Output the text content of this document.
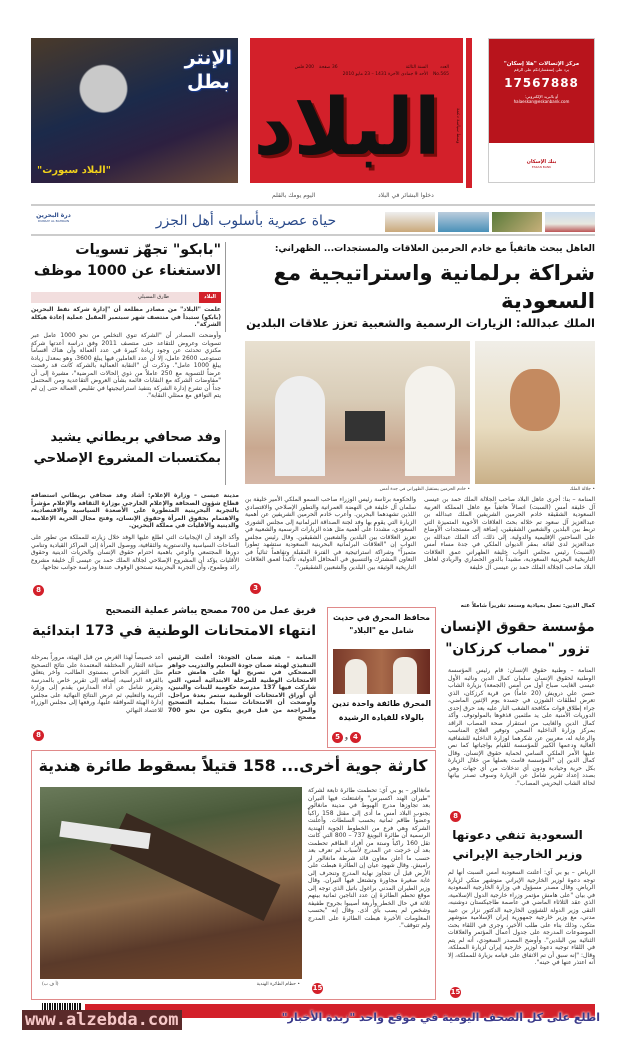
الإنتر
بطل
"البلاد سبورت"
العدد
No.565
السنة الثالثة
الأحد 9 جمادى الآخرة 1431 – 23 مايو 2010
36 صفحة
200 فلس
البلاد	وسط سياسة دعمة
دخلوا البشائر في البلاد
اليوم يومك بالقلم
مركز الإتصالات "هلا إسكان"
يرد على إستفساراتكم على الرقم
17567888
أو بالبريد الإلكتروني:
halaeskan@eskanbank.com
بنك الإسكان
ESKAN BANK
حياة عصرية بأسلوب أهل الجزر
درة البحرين
DURRAT AL BAHRAIN
العاهل يبحث هاتفياً مع خادم الحرمين العلاقات والمستجدات... الظهراني:
شراكة برلمانية واستراتيجية مع السعودية
الملك عبدالله: الزيارات الرسمية والشعبية تعزز علاقات البلدين
• خادم الحرمين يستقبل الظهراني في جدة أمس	• جلالة الملك
المنامة – بنا: أجرى عاهل البلاد صاحب الجلالة الملك حمد بن عيسى آل خليفة أمس (السبت) اتصالاً هاتفياً مع عاهل المملكة العربية السعودية الشقيقة خادم الحرمين الشريفين الملك عبدالله بن عبدالعزيز آل سعود تم خلاله بحث العلاقات الأخوية المتميزة التي تربط بين البلدين والشعبين الشقيقين، إضافة إلى مستجدات الأوضاع على الساحتين الإقليمية والدولية. إلى ذلك، أكد الملك عبدالله بن عبدالعزيز لدى لقائه بمقر الديوان الملكي في جدة مساء أمس (السبت) رئيس مجلس النواب خليفة الظهراني عمق العلاقات التاريخية البحرينية السعودية، مشيداً بالدور الحضاري والريادي لعاهل البلاد صاحب الجلالة الملك حمد بن عيسى آل خليفة
والحكومة برئاسة رئيس الوزراء صاحب السمو الملكي الأمير خليفة بن سلمان آل خليفة في النهضة العمرانية والتطور الإصلاحي والاقتصادي اللذين تشهدهما البحرين. وأعرب خادم الحرمين الشريفين عن أهمية الزيارة التي يقوم بها وفد لجنة الصداقة البرلمانية إلى مجلس الشورى السعودي، مشدداً على أهمية مثل هذه الزيارات الرسمية والشعبية في تعزيز العلاقات بين البلدين والشعبين الشقيقين. وقال رئيس مجلس النواب إن "العلاقات البرلمانية البحرينية السعودية ستشهد تطوراً متميزاً" وشراكة استراتيجية في الفترة المقبلة وتفاهماً ثنائياً في التعاون المشترك والتنسيق في المحافل الدولية، تأكيداً لعمق العلاقات التاريخية الوثيقة بين البلدين والشعبين الشقيقين".
3
"بابكو" تجهّز تسويات
الاستغناء عن 1000 موظف
البلاد
طارق المسيلي
علمت "البلاد" من مصادر مطلعة أن "إدارة شركة نفط البحرين (بابكو) ستبدأ في منتصف شهر سبتمبر المقبل عملية إعادة هيكلة الشركة".
وأوضحت المصادر أن "الشركة تنوي التخلص من نحو 1000 عامل عبر تسويات وعروض للتقاعد حتى منتصف 2011 وفق دراسة أعدتها شركة مكنزي تحدثت عن وجود زيادة كبيرة في عدد العمالة وأن هناك أقساماً تستوعب 2600 عامل، إلا أن عدد العاملين فيها يبلغ 3600، وهو بمعدل زيادة يبلغ 1000 عامل". وذكرت أن "النقابة العمالية بالشركة كانت قد رفضت عرضاً للتسوية مع 250 عاملاً من ذوي الحالات المرضية"، مشيرة إلى أن "مفاوضات الشركة مع النقابات قائمة بشأن العروض التقاعدية ومن المحتمل جداً أن تشرع إدارة الشركة بتنفيذ استراتيجيتها في تقليص العمالة حتى إن لم يتم التوافق مع ممثلي النقابة".
وفد صحافي بريطاني يشيد
بمكتسبات المشروع الإصلاحي
مدينة عيسى – وزارة الإعلام: أشاد وفد صحافي بريطاني استضافه قطاع شؤون الصحافة والإعلام الخارجي بوزارة الثقافة والإعلام مؤشراً بالتجربة البحرينية المتطورة على الأصعدة السياسية والاقتصادية، والاهتمام بحقوق المرأة وحقوق الإنسان، وفتح مجال الحرية الإعلامية والدينية والأقليات في مملكة البحرين.
وأكد الوفد أن الإيجابيات التي اطلع عليها الوفد خلال زيارته للمملكة من تطور على الساحات السياسية والدستورية والثقافية، ووصول المرأة إلى المراكز القيادية وتنامي دورها المجتمعي والوعي بأهمية احترام حقوق الإنسان والحريات الدينية وحقوق الأقليات يؤكد أن المشروع الإصلاحي لجلالة الملك حمد بن عيسى آل خليفة مشروع رائد وطموح، وأن التجربة البحرينية تستحق الوقوف عندها ودراسة جوانب نجاحها.
8
كمال الدين: نعمل بحيادية وسنعد تقريراً شاملاً عنه
مؤسسة حقوق الإنسان
تزور "مصاب كرزكان"
المنامة – وطنية حقوق الإنسان: قام رئيس المؤسسة الوطنية لحقوق الإنسان سلمان كمال الدين ونائبه الأول عيسى الغايب صباح أول من أمس (الجمعة) بزيارة الشاب حسن علي درويش (20 عاماً) من قرية كرزكان، الذي تعرض لطلقات الشوزن في جسده يوم الإثنين الماضي، جراء إطلاق قوات مكافحة الشغب النار عليه بعد حرق إحدى الدوريات الأمنية على يد ملثمين قذفوها بالمولوتوف. وأكد كمال الدين والغايب من استقرار صحة المصاب الراقد بمركز وزارة الداخلية الصحي وتوفير العلاج المناسب والرعاية له، معربين عن شكرهما لوزارة الداخلية للشفافية العالية ودعمها الكبير للمؤسسة للقيام بواجباتها كما نص عليها الأمر الملكي السامي لحماية حقوق الإنسان. وقال كمال الدين إن "المؤسسة قامت بعملها من خلال الزيارة بكل حرية وحيادية ودون أي تدخلات من أي جهات وهي بصدد إعداد تقرير شامل عن الزيارة وسوف تصدر بيانها لحالة الشاب البحريني المصاب".
8
السعودية تنفي دعوتها
وزير الخارجية الإيراني
الرياض – يو بي آي: أعلنت السعودية أمس السبت أنها لم توجه دعوة لوزير الخارجية الإيراني منوشهر متكي لزيارة الرياض. وقال مصدر مسؤول في وزارة الخارجية السعودية في بيان "على هامش مؤتمر وزراء خارجية الدول الإسلامية، الذي عقد الثلاثاء الماضي في عاصمة طاجيكستان دوشنبه، التقى وزير الدولة للشؤون الخارجية الدكتور نزار بن عبيد مدني، مع وزير خارجية جمهورية إيران الإسلامية منوشهر متكي، وذلك بناء على طلب الأخير، وجرى في اللقاء بحث الموضوعات المدرجة على جدول أعمال المؤتمر والعلاقات الثنائية بين البلدين". وأوضح المصدر السعودي، أنه لم يتم في اللقاء توجيه دعوة لوزير خارجية إيران لزيارة المملكة، وقال: "إنه سبق أن تم الاتفاق على قيامه بزيارة للمملكة، إلا أنه اعتذر عنها في حينه".
15
محافظ المحرق في حديث
شامل مع "البلاد"
المحرق طائفة واحدة تدين
بالولاء للقيادة الرشيدة
5 و 4
فريق عمل من 700 مصحح يباشر عملية التصحيح
انتهاء الامتحانات الوطنية في 173 ابتدائية
المنامة – هيئة ضمان الجودة: أعلنت الرئيس التنفيذي لهيئة ضمان جودة التعليم والتدريب جواهر المضحكي في تصريح لها على هامش ختام الامتحانات الوطنية للمرحلة الابتدائية أمس، التي شاركت فيها 137 مدرسة حكومية للبنات والبنين، أن أوراق الامتحانات الوطنية ستمر بعدة مراحل. وأوضحت أن الامتحانات ستبدأ بعملية التصحيح والمراجعة من قبل فريق يتكون من نحو 700 مصحح
أعد خصيصاً لهذا الغرض من قبل الهيئة، مروراً بمرحلة صياغة التقارير المختلفة المعتمدة على نتائج التصحيح مثل التقرير الخاص بمستوى الطالب، وآخر يتعلق بالفرقة الدراسية، إضافة إلى تقرير خاص بالمدرسة وتقرير شامل عن أداء المدارس يقدم إلى وزارة التربية والتعليم، ثم عرض النتائج النهائية على مجلس إدارة الهيئة للموافقة عليها، ورفعها إلى مجلس الوزراء للاعتماد النهائي
8
كارثة جوية أخرى... 158 قتيلاً بسقوط طائرة هندية
• حطام الطائرة الهندية
(أ ف ب)
مانغالور – يو بي آي: تحطمت طائرة تابعة لشركة "طيران الهند اكسبرس" واشتعلت فيها النيران بعد تجاوزها مدرج الهبوط في مدينة مانغالور بجنوب البلاد أمس ما أدى إلى مقتل 158 راكباً وعضواً طاقم ثمانية بحسب السلطات. وأعلنت الشركة وهي فرع من الخطوط الجوية الهندية الرسمية أن طائرة البوينغ 737 – 800 التي كانت تقل 160 راكباً وستة من أفراد الطاقم تحطمت بعد أن خرجت عن المدرج لأسباب لم تعرف بعد حسب ما أعلن معاون قائد شرطة مانغالور ار راميش. وقال شهود عيان إن الطائرة هبطت على الأرض قبل أن تتجاوز نهاية المدرج وتنحرف إلى غابة صغيرة مجاورة وتشتعل فيها النيران. وقال وزير الطيران المدني براغول باتيل الذي توجه إلى موقع تحطم الطائرة إن عدد الناجين ثمانية بينهم ثلاثة في حال الخطر وأربعة أصيبوا بجروح طفيفة وشخص لم يصب بأي أذى. وقال إنه "بحسب المعلومات الأخيرة هبطت الطائرة على المدرج ولم تتوقف".
15
www.alzebda.com	اطلع على كل الصحف اليومية في موقع واحد "زبدة الأخبار"
